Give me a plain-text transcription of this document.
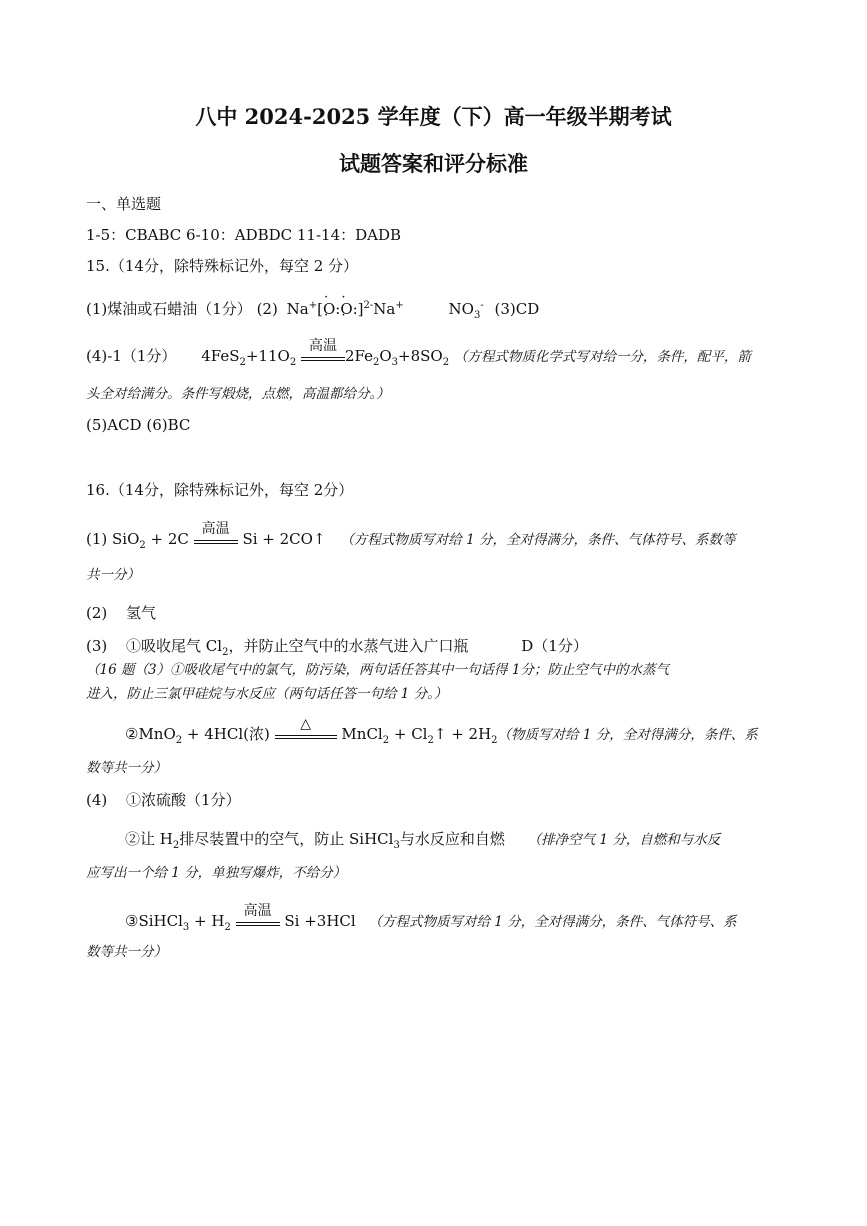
八中 2024-2025 学年度（下）高一年级半期考试
试题答案和评分标准
一、单选题
1-5：CBABC 6-10：ADBDC 11-14：DADB
15.（14分，除特殊标记外，每空 2 分）
(1)煤油或石蜡油（1分） (2) Na+[· O ·:· O ·:]$^{2-}$Na+	$NO_3^-$ (3)CD
(4)-1（1分） $4FeS_2+11O_2$
高温
$2Fe_2O_3+8SO_2$ （方程式物质化学式写对给一分，条件，配平，箭
头全对给满分。条件写煅烧，点燃，高温都给分。）
(5)ACD (6)BC
16.（14分，除特殊标记外，每空 2分）
(1) SiO$_2$ + 2C
高温
Si + 2CO↑ （方程式物质写对给 1 分，全对得满分，条件、气体符号、系数等
共一分）
(2) 氢气
(3) ①吸收尾气 $Cl_2$，并防止空气中的水蒸气进入广口瓶	D（1分）
（16 题（3）①吸收尾气中的氯气，防污染，两句话任答其中一句话得 1分；防止空气中的水蒸气
进入，防止三氯甲硅烷与水反应（两句话任答一句给 1 分。）
②MnO$_2$ + 4HCl(浓)
△
MnCl$_2$ + $Cl_2↑ + 2H_2$（物质写对给 1 分，全对得满分，条件、系
数等共一分）
(4) ①浓硫酸（1分）
②让 $H_2$排尽装置中的空气，防止 SiHCl$_3$与水反应和自燃 （排净空气 1 分，自燃和与水反
应写出一个给 1 分，单独写爆炸，不给分）
③SiHCl$_3$ + $H_2$
高温
Si +3HCl （方程式物质写对给 1 分，全对得满分，条件、气体符号、系
数等共一分）
